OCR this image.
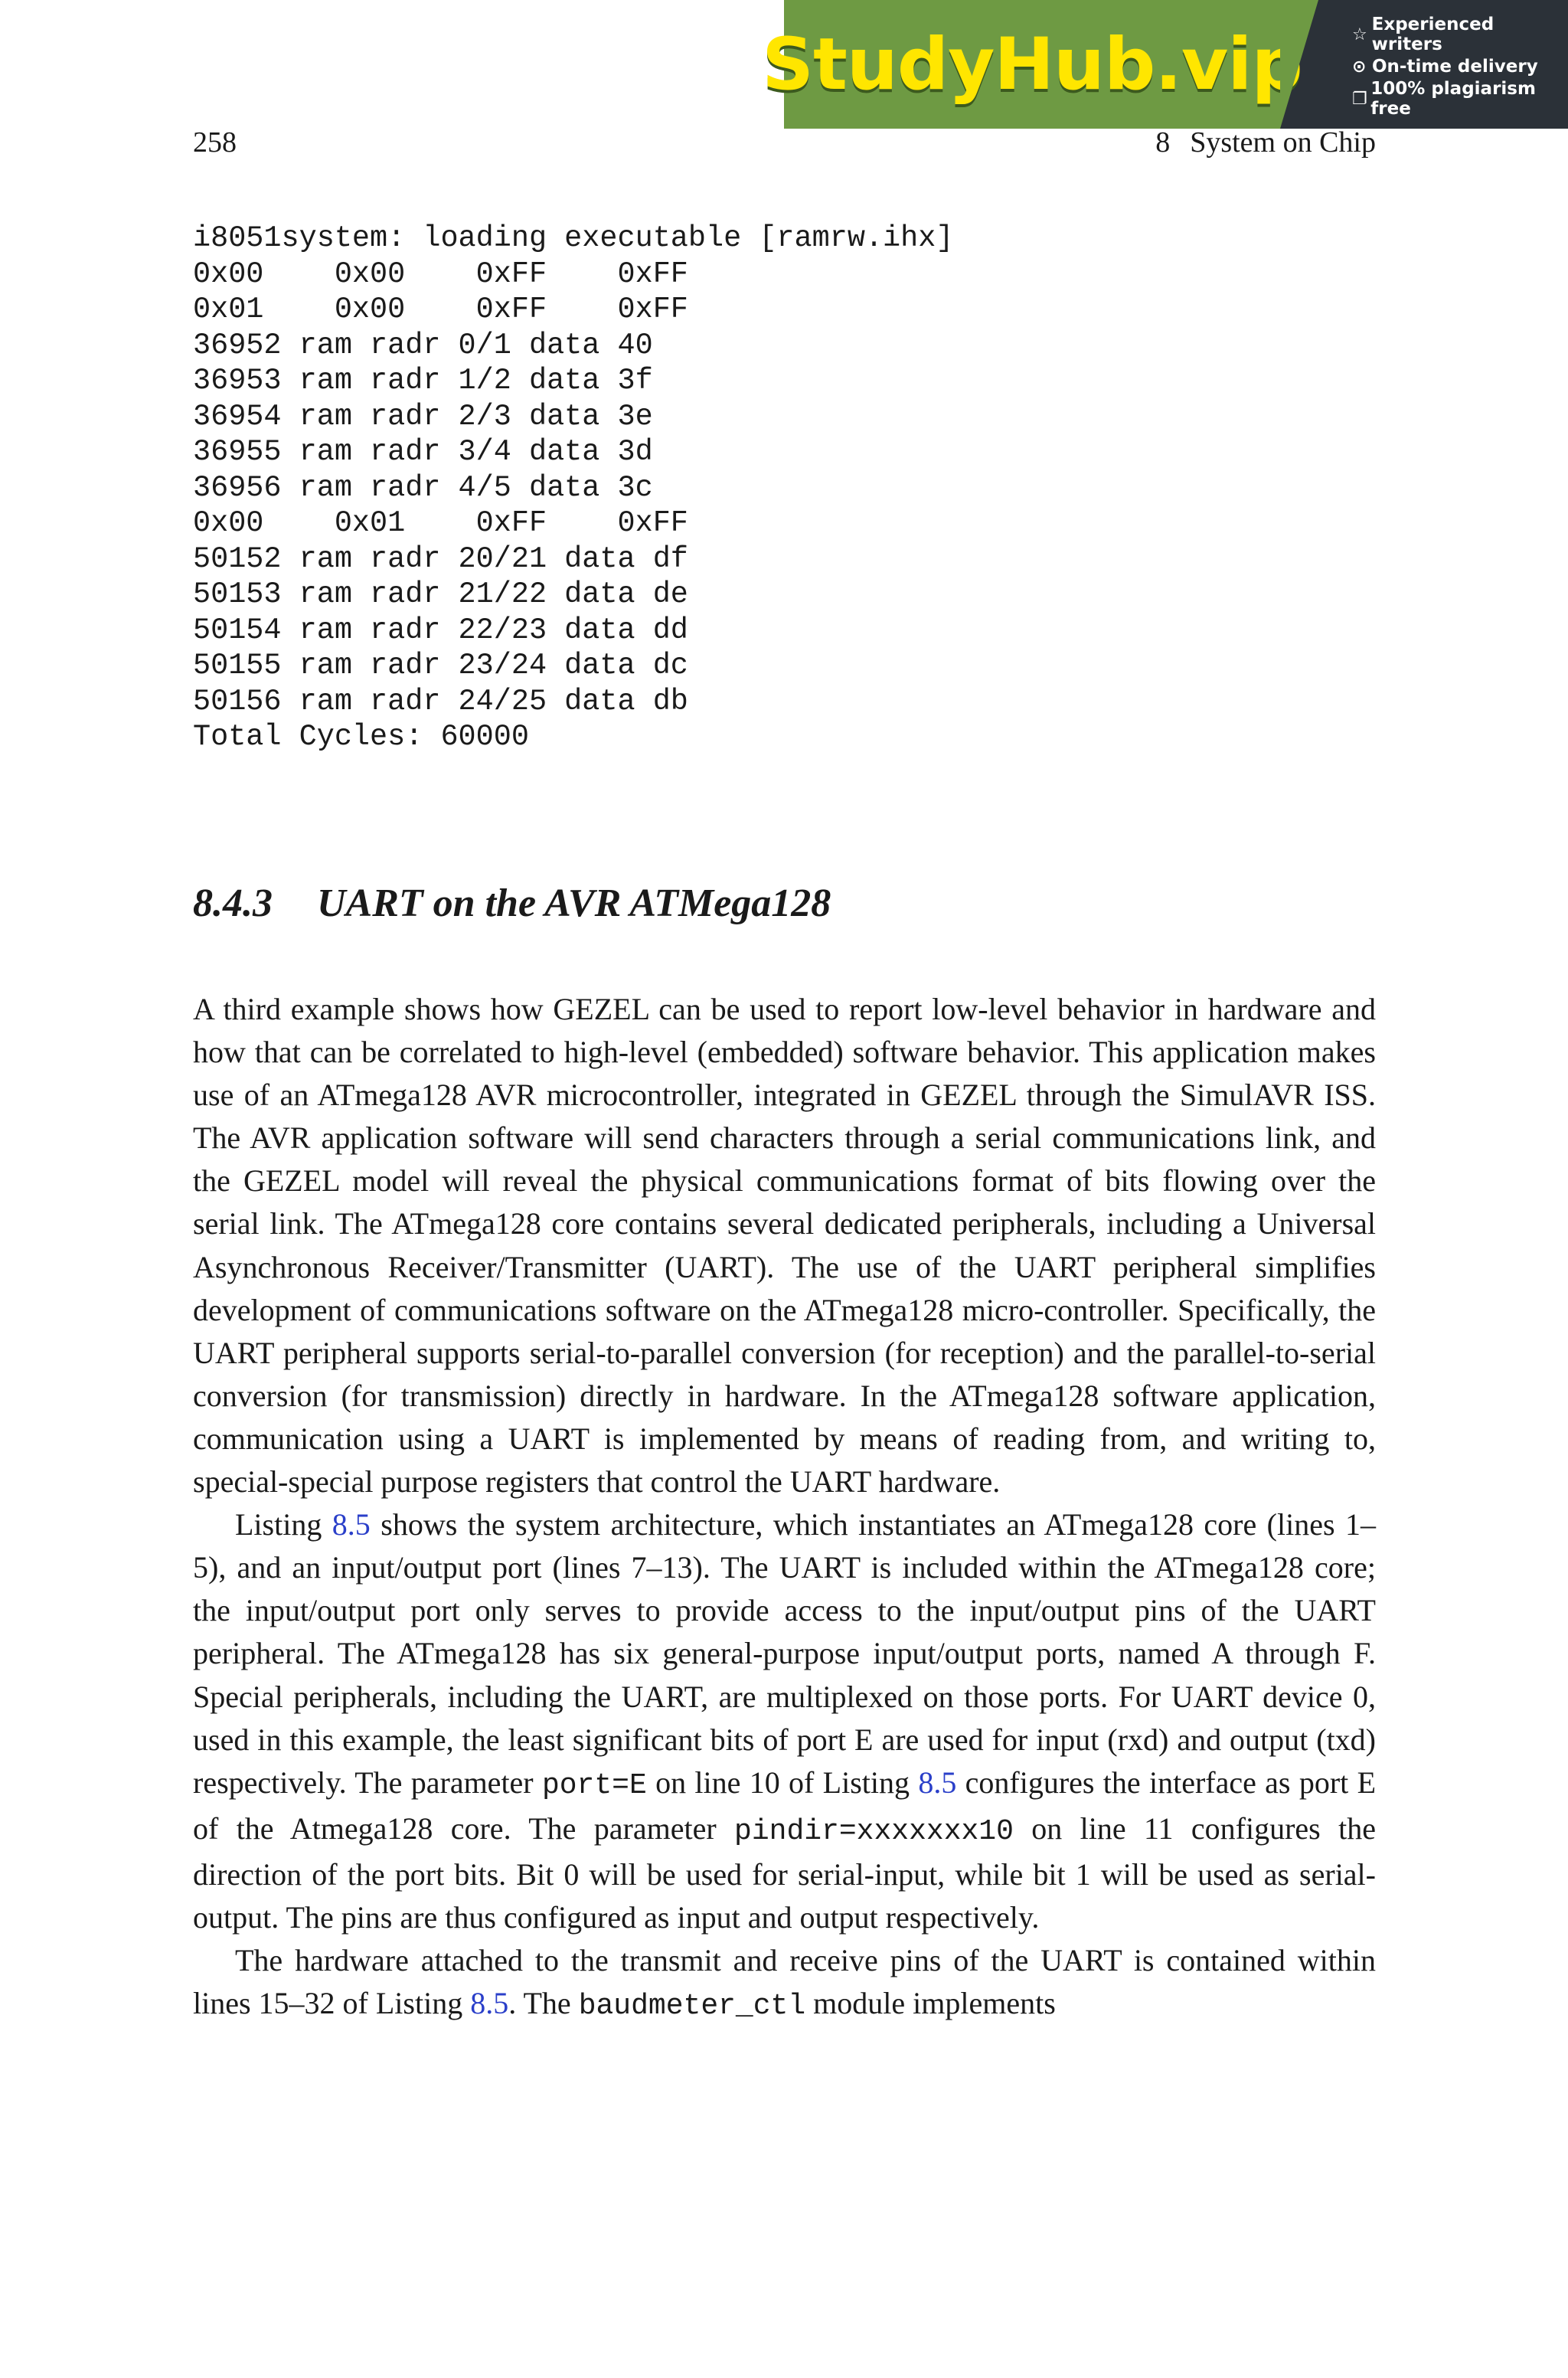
StudyHub.vip	☆ Experienced writers
⊙ On-time delivery
❐ 100% plagiarism free
258	8 System on Chip
i8051system: loading executable [ramrw.ihx]
0x00    0x00    0xFF    0xFF
0x01    0x00    0xFF    0xFF
36952 ram radr 0/1 data 40
36953 ram radr 1/2 data 3f
36954 ram radr 2/3 data 3e
36955 ram radr 3/4 data 3d
36956 ram radr 4/5 data 3c
0x00    0x01    0xFF    0xFF
50152 ram radr 20/21 data df
50153 ram radr 21/22 data de
50154 ram radr 22/23 data dd
50155 ram radr 23/24 data dc
50156 ram radr 24/25 data db
Total Cycles: 60000
8.4.3 UART on the AVR ATMega128

A third example shows how GEZEL can be used to report low-level behavior in hardware and how that can be correlated to high-level (embedded) software behavior. This application makes use of an ATmega128 AVR microcontroller, integrated in GEZEL through the SimulAVR ISS. The AVR application software will send characters through a serial communications link, and the GEZEL model will reveal the physical communications format of bits flowing over the serial link. The ATmega128 core contains several dedicated peripherals, including a Universal Asynchronous Receiver/Transmitter (UART). The use of the UART peripheral simplifies development of communications software on the ATmega128 micro-controller. Specifically, the UART peripheral supports serial-to-parallel conversion (for reception) and the parallel-to-serial conversion (for transmission) directly in hardware. In the ATmega128 software application, communication using a UART is implemented by means of reading from, and writing to, special-special purpose registers that control the UART hardware.

Listing 8.5 shows the system architecture, which instantiates an ATmega128 core (lines 1–5), and an input/output port (lines 7–13). The UART is included within the ATmega128 core; the input/output port only serves to provide access to the input/output pins of the UART peripheral. The ATmega128 has six general-purpose input/output ports, named A through F. Special peripherals, including the UART, are multiplexed on those ports. For UART device 0, used in this example, the least significant bits of port E are used for input (rxd) and output (txd) respectively. The parameter port=E on line 10 of Listing 8.5 configures the interface as port E of the Atmega128 core. The parameter pindir=xxxxxxx10 on line 11 configures the direction of the port bits. Bit 0 will be used for serial-input, while bit 1 will be used as serial-output. The pins are thus configured as input and output respectively.

The hardware attached to the transmit and receive pins of the UART is contained within lines 15–32 of Listing 8.5. The baudmeter_ctl module implements
